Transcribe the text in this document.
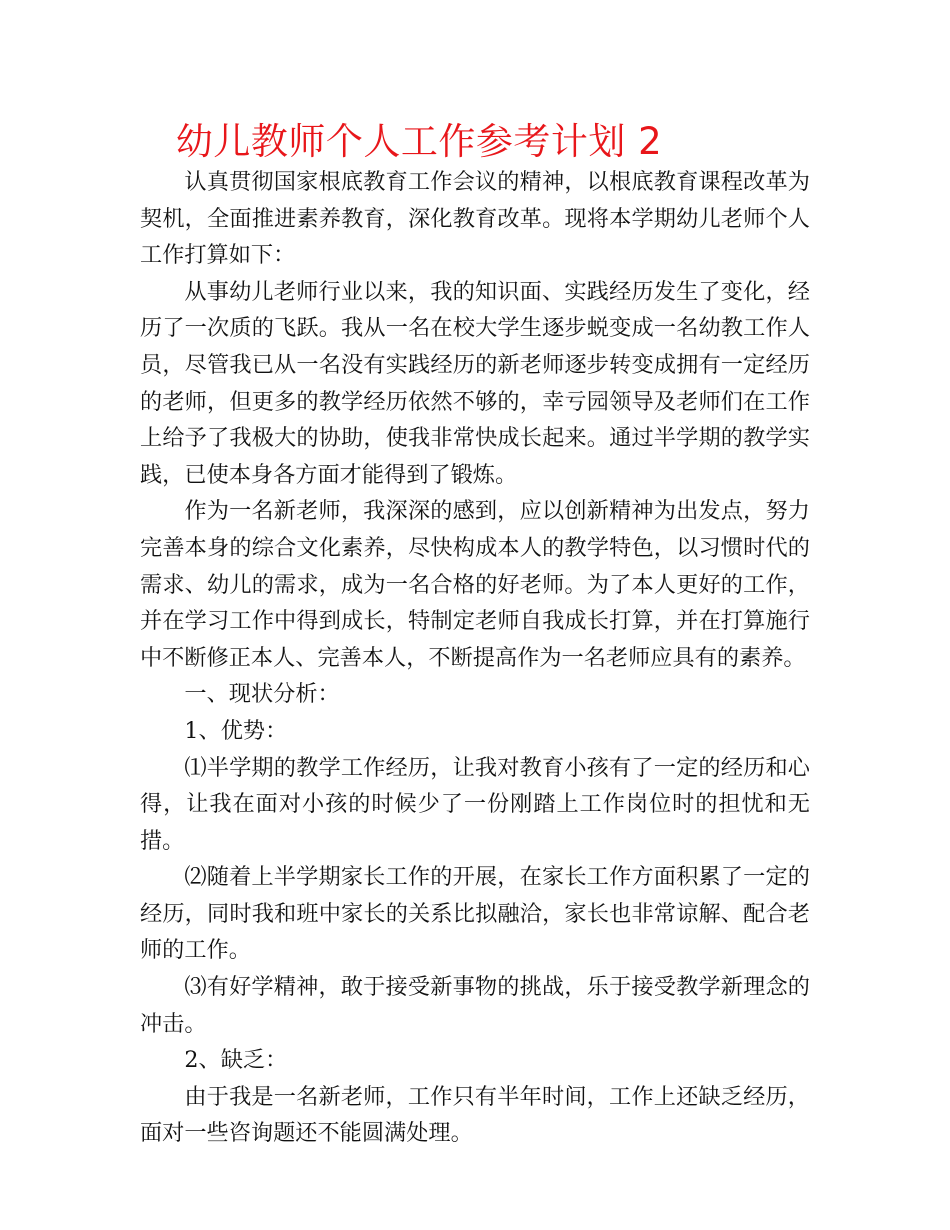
幼儿教师个人工作参考计划 2

认真贯彻国家根底教育工作会议的精神，以根底教育课程改革为契机，全面推进素养教育，深化教育改革。现将本学期幼儿老师个人工作打算如下：

从事幼儿老师行业以来，我的知识面、实践经历发生了变化，经历了一次质的飞跃。我从一名在校大学生逐步蜕变成一名幼教工作人员，尽管我已从一名没有实践经历的新老师逐步转变成拥有一定经历的老师，但更多的教学经历依然不够的，幸亏园领导及老师们在工作上给予了我极大的协助，使我非常快成长起来。通过半学期的教学实践，已使本身各方面才能得到了锻炼。

作为一名新老师，我深深的感到，应以创新精神为出发点，努力完善本身的综合文化素养，尽快构成本人的教学特色，以习惯时代的需求、幼儿的需求，成为一名合格的好老师。为了本人更好的工作，并在学习工作中得到成长，特制定老师自我成长打算，并在打算施行中不断修正本人、完善本人，不断提高作为一名老师应具有的素养。

一、现状分析：

1、优势：

⑴半学期的教学工作经历，让我对教育小孩有了一定的经历和心得，让我在面对小孩的时候少了一份刚踏上工作岗位时的担忧和无措。

⑵随着上半学期家长工作的开展，在家长工作方面积累了一定的经历，同时我和班中家长的关系比拟融洽，家长也非常谅解、配合老师的工作。

⑶有好学精神，敢于接受新事物的挑战，乐于接受教学新理念的冲击。

2、缺乏：

由于我是一名新老师，工作只有半年时间，工作上还缺乏经历，面对一些咨询题还不能圆满处理。
